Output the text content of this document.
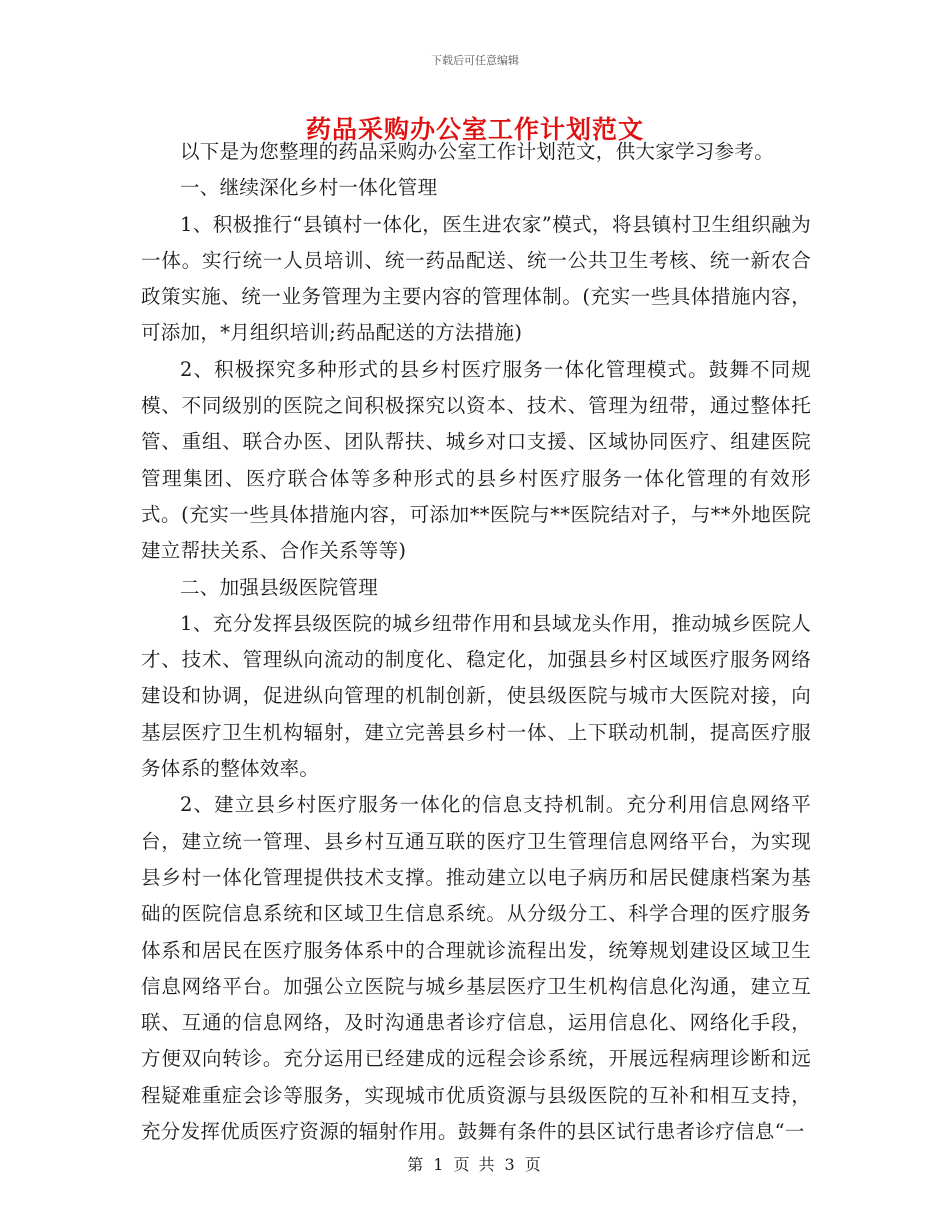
下载后可任意编辑
药品采购办公室工作计划范文

以下是为您整理的药品采购办公室工作计划范文，供大家学习参考。

一、继续深化乡村一体化管理

1、积极推行“县镇村一体化，医生进农家”模式，将县镇村卫生组织融为一体。实行统一人员培训、统一药品配送、统一公共卫生考核、统一新农合政策实施、统一业务管理为主要内容的管理体制。(充实一些具体措施内容，可添加，*月组织培训;药品配送的方法措施)

2、积极探究多种形式的县乡村医疗服务一体化管理模式。鼓舞不同规模、不同级别的医院之间积极探究以资本、技术、管理为纽带，通过整体托管、重组、联合办医、团队帮扶、城乡对口支援、区域协同医疗、组建医院管理集团、医疗联合体等多种形式的县乡村医疗服务一体化管理的有效形式。(充实一些具体措施内容，可添加**医院与**医院结对子，与**外地医院建立帮扶关系、合作关系等等)

二、加强县级医院管理

1、充分发挥县级医院的城乡纽带作用和县域龙头作用，推动城乡医院人才、技术、管理纵向流动的制度化、稳定化，加强县乡村区域医疗服务网络建设和协调，促进纵向管理的机制创新，使县级医院与城市大医院对接，向基层医疗卫生机构辐射，建立完善县乡村一体、上下联动机制，提高医疗服务体系的整体效率。

2、建立县乡村医疗服务一体化的信息支持机制。充分利用信息网络平台，建立统一管理、县乡村互通互联的医疗卫生管理信息网络平台，为实现县乡村一体化管理提供技术支撑。推动建立以电子病历和居民健康档案为基础的医院信息系统和区域卫生信息系统。从分级分工、科学合理的医疗服务体系和居民在医疗服务体系中的合理就诊流程出发，统筹规划建设区域卫生信息网络平台。加强公立医院与城乡基层医疗卫生机构信息化沟通，建立互联、互通的信息网络，及时沟通患者诊疗信息，运用信息化、网络化手段，方便双向转诊。充分运用已经建成的远程会诊系统，开展远程病理诊断和远程疑难重症会诊等服务，实现城市优质资源与县级医院的互补和相互支持，充分发挥优质医疗资源的辐射作用。鼓舞有条件的县区试行患者诊疗信息“一

第 1 页 共 3 页
